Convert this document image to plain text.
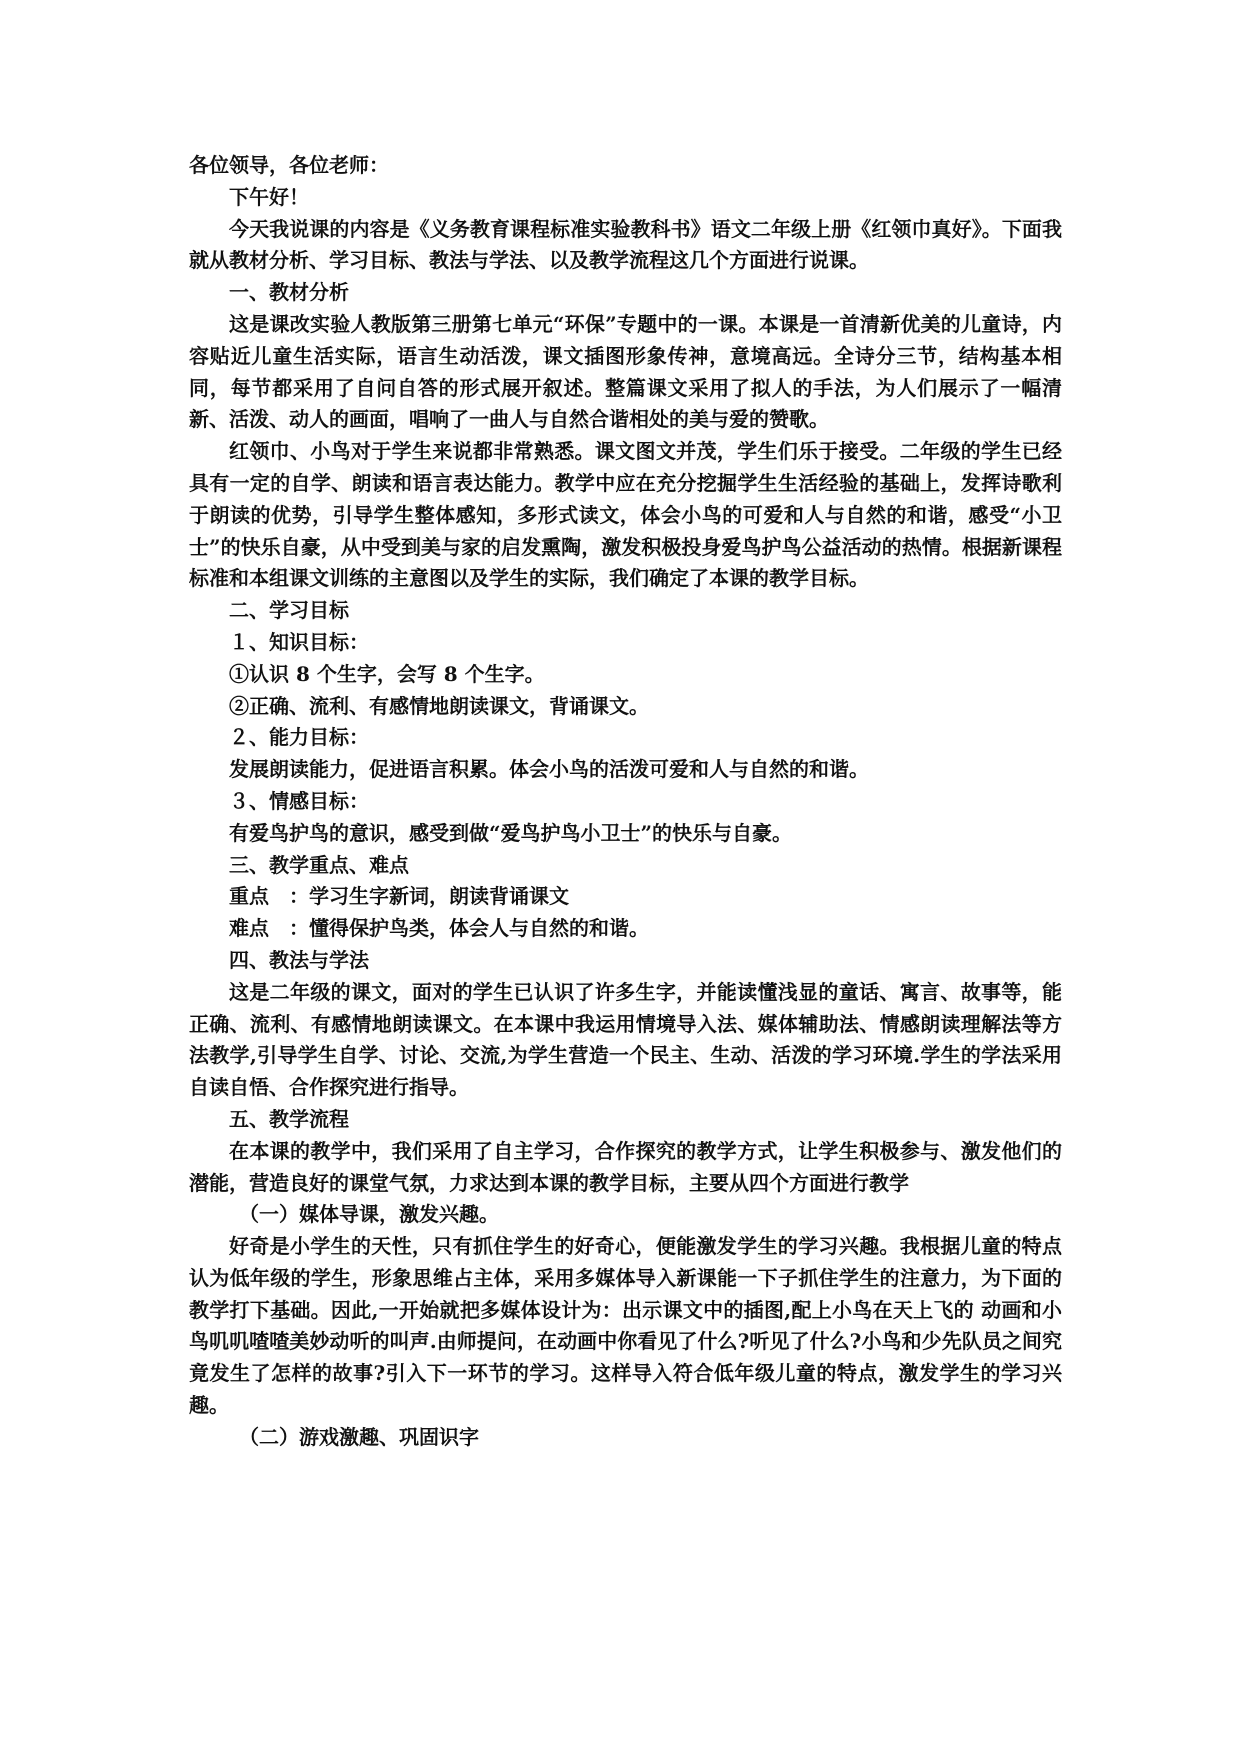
各位领导，各位老师：

下午好！

今天我说课的内容是《义务教育课程标准实验教科书》语文二年级上册《红领巾真好》。下面我 就从教材分析、学习目标、教法与学法、以及教学流程这几个方面进行说课。

一、教材分析

这是课改实验人教版第三册第七单元“环保”专题中的一课。本课是一首清新优美的儿童诗，内容贴近儿童生活实际，语言生动活泼，课文插图形象传神，意境高远。全诗分三节，结构基本相同，每节都采用了自问自答的形式展开叙述。整篇课文采用了拟人的手法，为人们展示了一幅清新、活泼、动人的画面，唱响了一曲人与自然合谐相处的美与爱的赞歌。

红领巾、小鸟对于学生来说都非常熟悉。课文图文并茂，学生们乐于接受。二年级的学生已经具有一定的自学、朗读和语言表达能力。教学中应在充分挖掘学生生活经验的基础上，发挥诗歌利于朗读的优势，引导学生整体感知，多形式读文，体会小鸟的可爱和人与自然的和谐，感受“小卫士”的快乐自豪，从中受到美与家的启发熏陶，激发积极投身爱鸟护鸟公益活动的热情。根据新课程标准和本组课文训练的主意图以及学生的实际，我们确定了本课的教学目标。

二、学习目标

１、知识目标：

①认识 8 个生字，会写 8 个生字。

②正确、流利、有感情地朗读课文，背诵课文。

２、能力目标：

发展朗读能力，促进语言积累。体会小鸟的活泼可爱和人与自然的和谐。

３、情感目标：

有爱鸟护鸟的意识，感受到做“爱鸟护鸟小卫士”的快乐与自豪。

三、教学重点、难点

重点　：学习生字新词，朗读背诵课文

难点　：懂得保护鸟类，体会人与自然的和谐。

四、教法与学法

这是二年级的课文，面对的学生已认识了许多生字，并能读懂浅显的童话、寓言、故事等，能正确、流利、有感情地朗读课文。在本课中我运用情境导入法、媒体辅助法、情感朗读理解法等方法教学,引导学生自学、讨论、交流,为学生营造一个民主、生动、活泼的学习环境.学生的学法采用自读自悟、合作探究进行指导。

五、教学流程

在本课的教学中，我们采用了自主学习，合作探究的教学方式，让学生积极参与、激发他们的潜能，营造良好的课堂气氛，力求达到本课的教学目标，主要从四个方面进行教学

（一）媒体导课，激发兴趣。

好奇是小学生的天性，只有抓住学生的好奇心，便能激发学生的学习兴趣。我根据儿童的特点认为低年级的学生，形象思维占主体，采用多媒体导入新课能一下子抓住学生的注意力，为下面的教学打下基础。因此,一开始就把多媒体设计为：出示课文中的插图,配上小鸟在天上飞的 动画和小鸟叽叽喳喳美妙动听的叫声.由师提问，在动画中你看见了什么?听见了什么?小鸟和少先队员之间究竟发生了怎样的故事?引入下一环节的学习。这样导入符合低年级儿童的特点，激发学生的学习兴趣。

（二）游戏激趣、巩固识字
